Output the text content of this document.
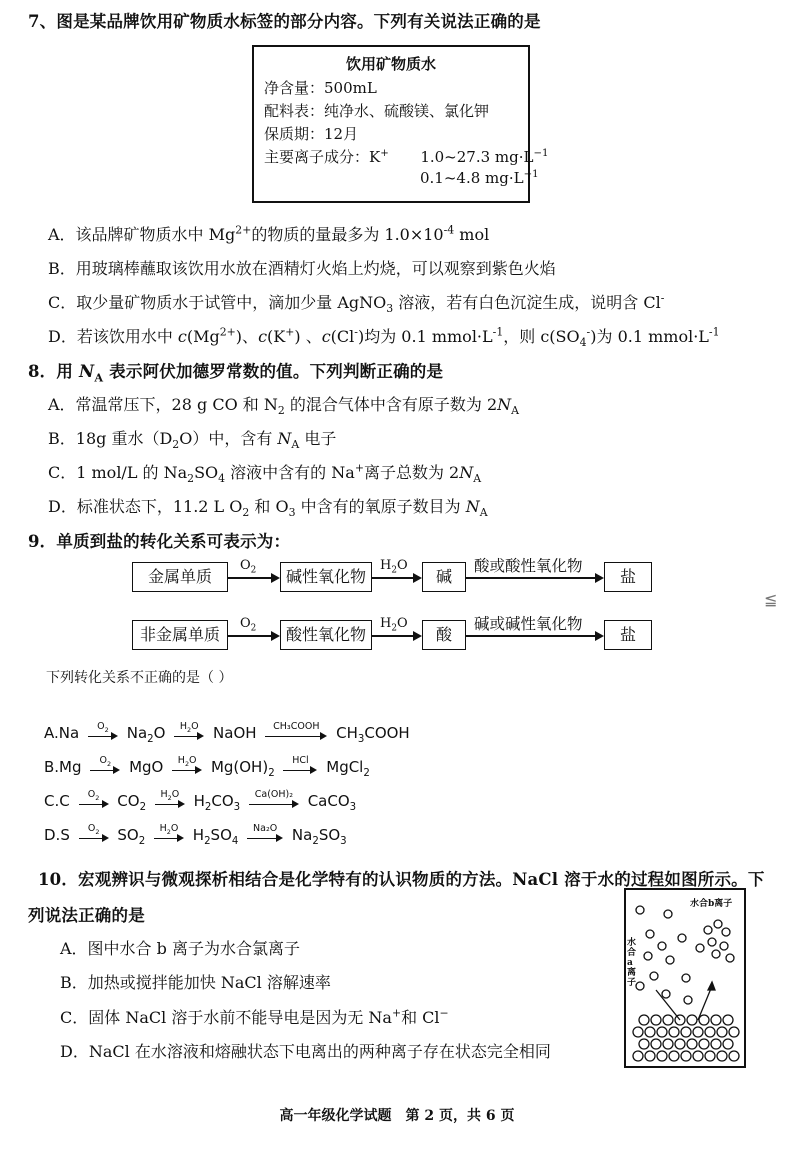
7、图是某品牌饮用矿物质水标签的部分内容。下列有关说法正确的是
饮用矿物质水
净含量：500mL
配料表：纯净水、硫酸镁、氯化钾
保质期：12月
主要离子成分：K+ 1.0~27.3 $mg\cdot L^{-1}$
0.1~4.8 $mg\cdot L^{-1}$
A．该品牌矿物质水中 $Mg^{2+}$的物质的量最多为 $1.0\times 10^{-4}$ mol
B．用玻璃棒蘸取该饮用水放在酒精灯火焰上灼烧，可以观察到紫色火焰
C．取少量矿物质水于试管中，滴加少量 AgNO$_3$ 溶液，若有白色沉淀生成，说明含 Cl-
D．若该饮用水中 $c(Mg^{2+})$、c(K+) 、c(Cl-)均为 0.1 $mmol\cdot L^{-1}$，则 $c(SO_4^-)$为 0.1 $mmol\cdot L^{-1}$
8．用 $N_A$ 表示阿伏加德罗常数的值。下列判断正确的是
A．常温常压下，28 g CO 和 $N_2$ 的混合气体中含有原子数为 $2N_A$
B．18g 重水$(D_2O)$中，含有 $N_A$ 电子
C．1 mol/L 的 $Na_2SO_4$ 溶液中含有的 Na+离子总数为 $2N_A$
D．标准状态下，11.2 L $O_2$ 和 $O_3$ 中含有的氧原子数目为 $N_A$
9．单质到盐的转化关系可表示为：
金属单质
$O_2$	碱性氧化物
$H_2O$
碱
酸或酸性氧化物
盐
非金属单质
$O_2$	酸性氧化物
$H_2O$
酸
碱或碱性氧化物
盐
下列转化关系不正确的是（ ）
A.Na	$O_2$	$Na_2O$	$H_2O$ NaOH	CH₃COOH	$CH_3COOH$
B.Mg	$O_2$	MgO	$H_2O$ $Mg(OH)_2$
HCl	MgCl$_2$
C.C	$O_2$	$CO_2$
$H_2O$ $H_2CO_3$
Ca(OH)₂ CaCO$_3$
D.S	$O_2$	$SO_2$
$H_2O$ $H_2SO_4$
Na₂O $Na_2SO_3$
10．宏观辨识与微观探析相结合是化学特有的认识物质的方法。NaCl 溶于水的过程如图所示。下
列说法正确的是
A．图中水合 b 离子为水合氯离子
B．加热或搅拌能加快 NaCl 溶解速率
C．固体 NaCl 溶于水前不能导电是因为无 Na+和 Cl−
D．NaCl 在水溶液和熔融状态下电离出的两种离子存在状态完全相同
水合b离子
水合a离子
高一年级化学试题　第 2 页，共 6 页
≦
